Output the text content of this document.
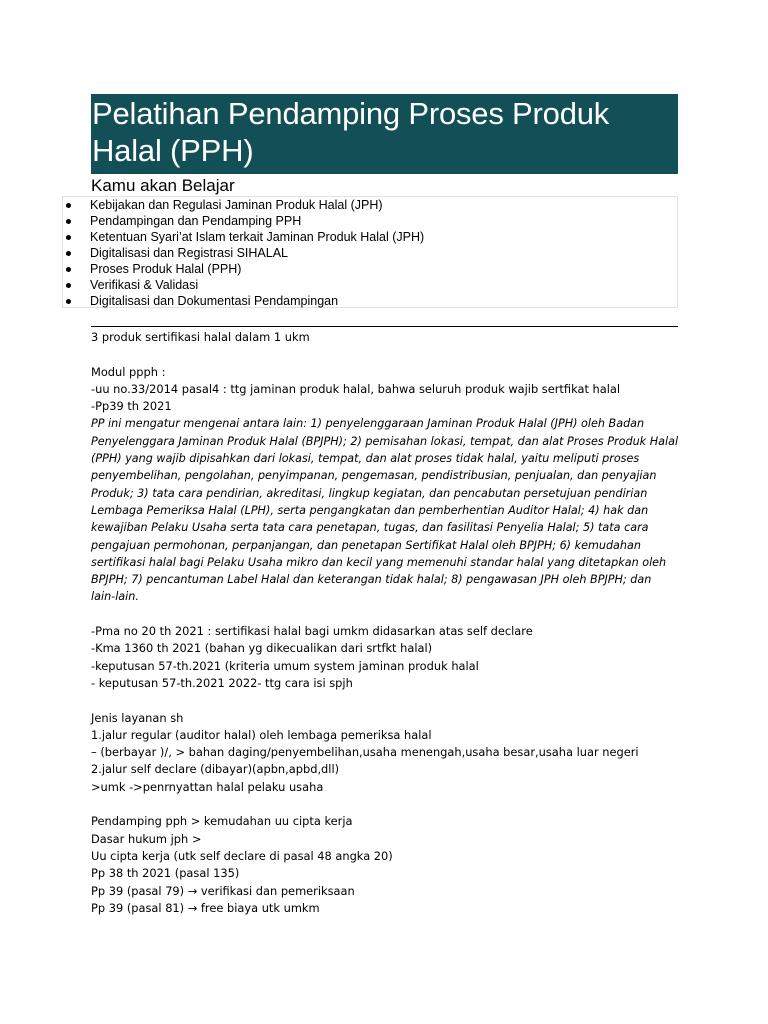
Pelatihan Pendamping Proses Produk Halal (PPH)
Kamu akan Belajar
Kebijakan dan Regulasi Jaminan Produk Halal (JPH)
Pendampingan dan Pendamping PPH
Ketentuan Syari’at Islam terkait Jaminan Produk Halal (JPH)
Digitalisasi dan Registrasi SIHALAL
Proses Produk Halal (PPH)
Verifikasi & Validasi
Digitalisasi dan Dokumentasi Pendampingan
3 produk sertifikasi halal dalam 1 ukm
Modul ppph :
-uu no.33/2014 pasal4 : ttg jaminan produk halal, bahwa seluruh produk wajib sertfikat halal
-Pp39 th 2021
PP ini mengatur mengenai antara lain: 1) penyelenggaraan Jaminan Produk Halal (JPH) oleh Badan
Penyelenggara Jaminan Produk Halal (BPJPH); 2) pemisahan lokasi, tempat, dan alat Proses Produk Halal
(PPH) yang wajib dipisahkan dari lokasi, tempat, dan alat proses tidak halal, yaitu meliputi proses
penyembelihan, pengolahan, penyimpanan, pengemasan, pendistribusian, penjualan, dan penyajian
Produk; 3) tata cara pendirian, akreditasi, lingkup kegiatan, dan pencabutan persetujuan pendirian
Lembaga Pemeriksa Halal (LPH), serta pengangkatan dan pemberhentian Auditor Halal; 4) hak dan
kewajiban Pelaku Usaha serta tata cara penetapan, tugas, dan fasilitasi Penyelia Halal; 5) tata cara
pengajuan permohonan, perpanjangan, dan penetapan Sertifikat Halal oleh BPJPH; 6) kemudahan
sertifikasi halal bagi Pelaku Usaha mikro dan kecil yang memenuhi standar halal yang ditetapkan oleh
BPJPH; 7) pencantuman Label Halal dan keterangan tidak halal; 8) pengawasan JPH oleh BPJPH; dan
lain-lain.
-Pma no 20 th 2021 : sertifikasi halal bagi umkm didasarkan atas self declare
-Kma 1360 th 2021 (bahan yg dikecualikan dari srtfkt halal)
-keputusan 57-th.2021 (kriteria umum system jaminan produk halal
- keputusan 57-th.2021 2022- ttg cara isi spjh
Jenis layanan sh
1.jalur regular (auditor halal) oleh lembaga pemeriksa halal
– (berbayar )/, > bahan daging/penyembelihan,usaha menengah,usaha besar,usaha luar negeri
2.jalur self declare (dibayar)(apbn,apbd,dll)
>umk ->penrnyattan halal pelaku usaha
Pendamping pph > kemudahan uu cipta kerja
Dasar hukum jph >
Uu cipta kerja (utk self declare di pasal 48 angka 20)
Pp 38 th 2021 (pasal 135)
Pp 39 (pasal 79) → verifikasi dan pemeriksaan
Pp 39 (pasal 81) → free biaya utk umkm
